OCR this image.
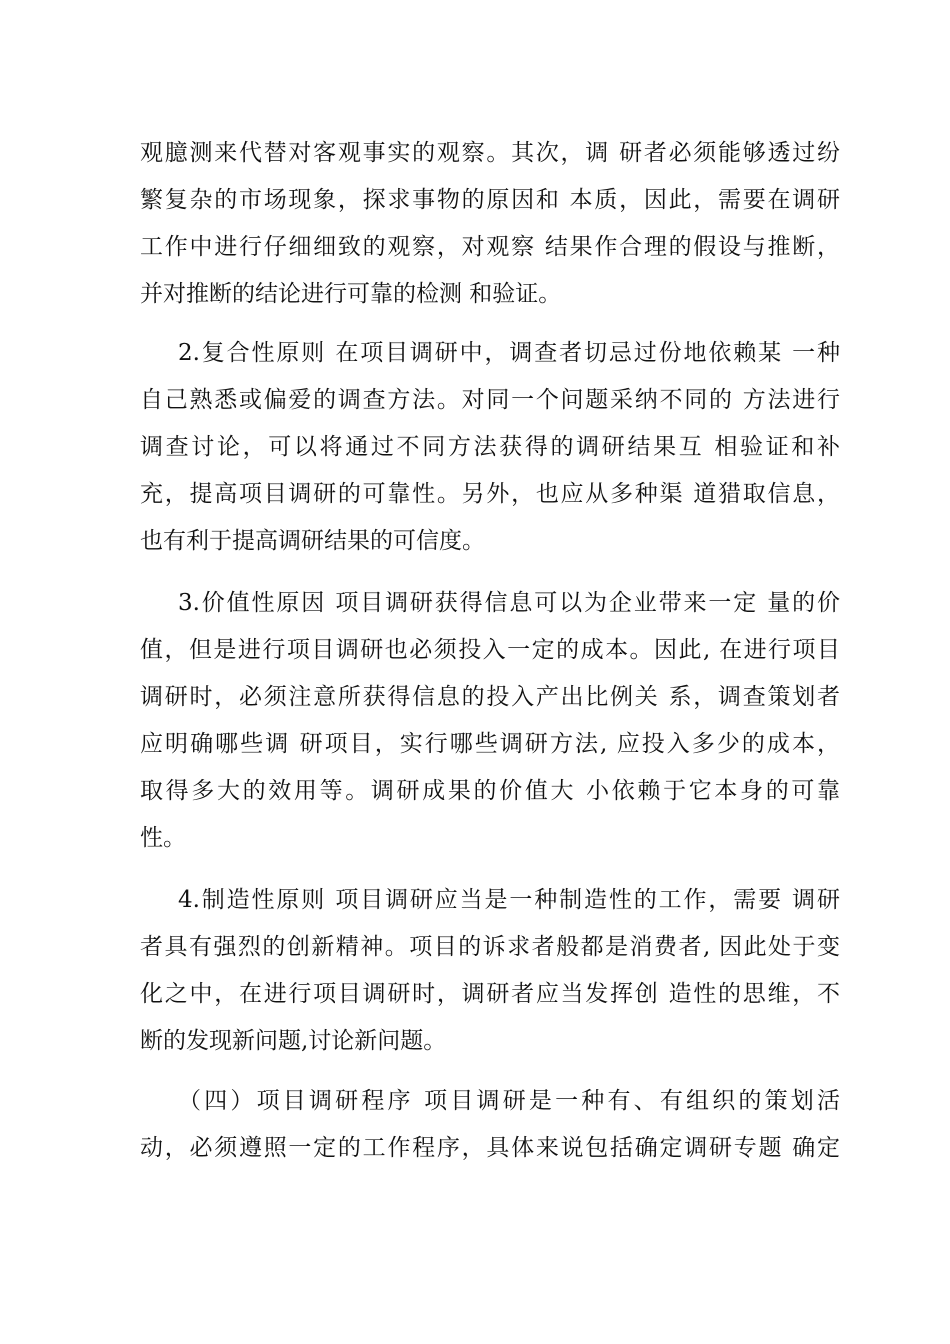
观臆测来代替对客观事实的观察。其次，调 研者必须能够透过纷
繁复杂的市场现象，探求事物的原因和 本质，因此，需要在调研
工作中进行仔细细致的观察，对观察 结果作合理的假设与推断，
并对推断的结论进行可靠的检测 和验证。
2.复合性原则 在项目调研中，调查者切忌过份地依赖某 一种
自己熟悉或偏爱的调查方法。对同一个问题采纳不同的 方法进行
调查讨论，可以将通过不同方法获得的调研结果互 相验证和补
充，提高项目调研的可靠性。另外，也应从多种渠 道猎取信息，
也有利于提高调研结果的可信度。
3.价值性原因 项目调研获得信息可以为企业带来一定 量的价
值，但是进行项目调研也必须投入一定的成本。因此, 在进行项目
调研时，必须注意所获得信息的投入产出比例关 系，调查策划者
应明确哪些调 研项目，实行哪些调研方法, 应投入多少的成本，
取得多大的效用等。调研成果的价值大 小依赖于它本身的可靠
性。
4.制造性原则 项目调研应当是一种制造性的工作，需要 调研
者具有强烈的创新精神。项目的诉求者般都是消费者, 因此处于变
化之中，在进行项目调研时，调研者应当发挥创 造性的思维，不
断的发现新问题,讨论新问题。
（四）项目调研程序 项目调研是一种有、有组织的策划活
动，必须遵照一定的工作程序，具体来说包括确定调研专题 确定
